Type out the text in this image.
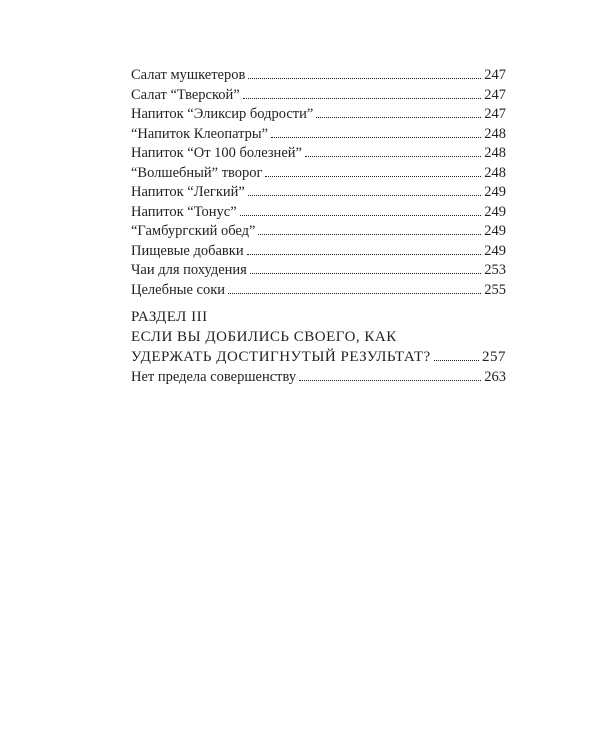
Салат мушкетеров	247
Салат “Тверской”	247
Напиток “Эликсир бодрости”	247
“Напиток Клеопатры”	248
Напиток “От 100 болезней”	248
“Волшебный” творог	248
Напиток “Легкий”	249
Напиток “Тонус”	249
“Гамбургский обед”	249
Пищевые добавки	249
Чаи для похудения	253
Целебные соки	255
РАЗДЕЛ III
ЕСЛИ ВЫ ДОБИЛИСЬ СВОЕГО, КАК
УДЕРЖАТЬ ДОСТИГНУТЫЙ РЕЗУЛЬТАТ?	257
Нет предела совершенству	263
